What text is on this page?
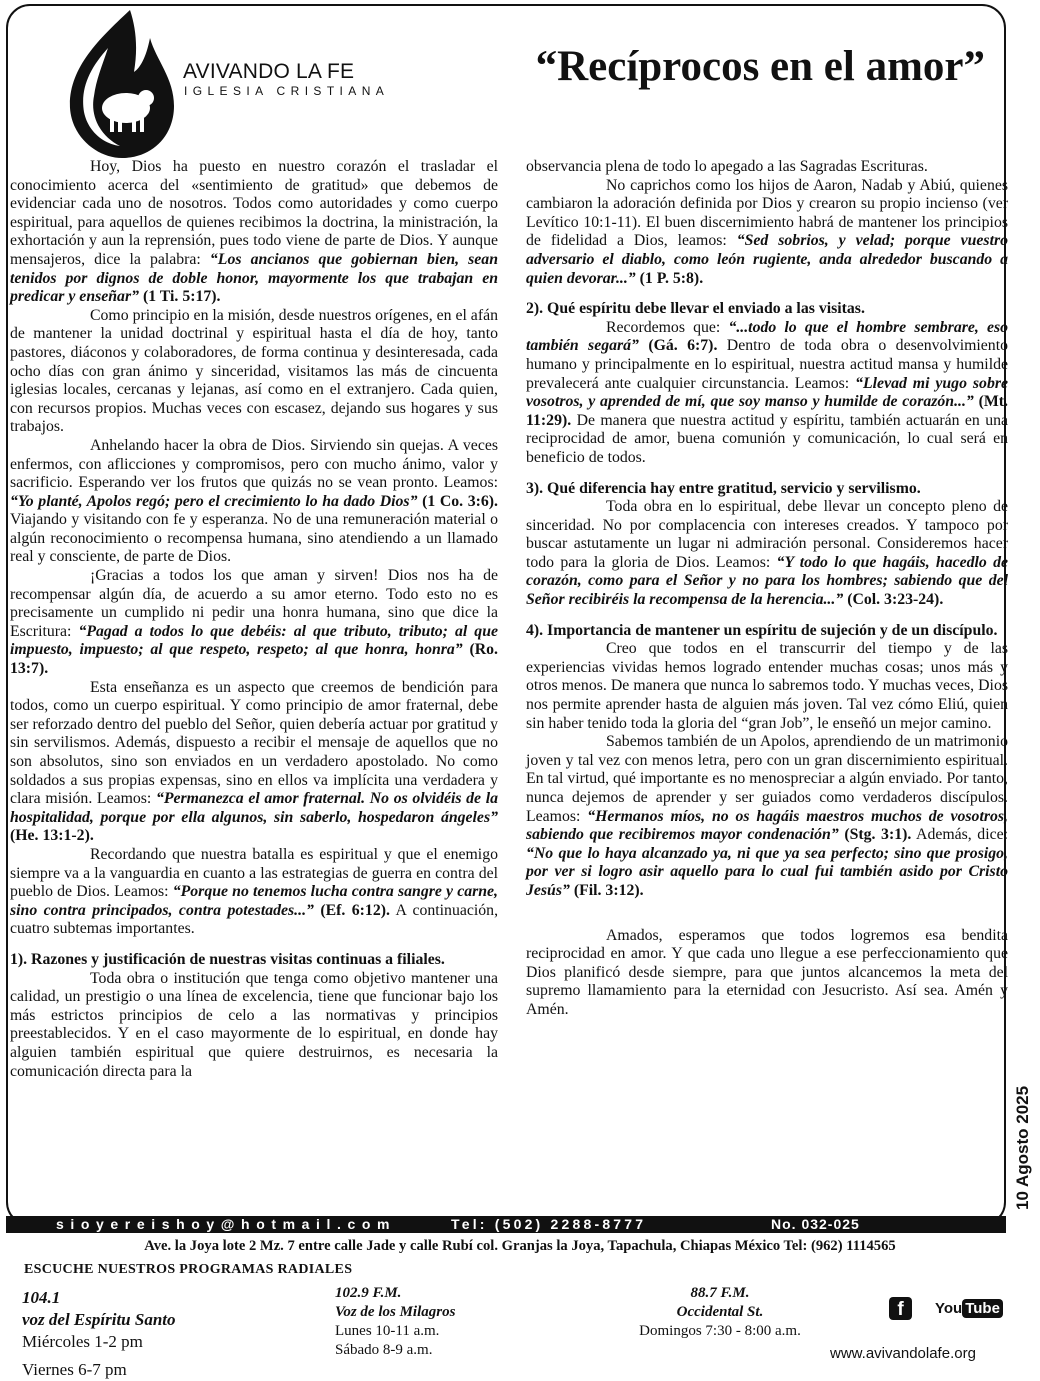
AVIVANDO LA FE
IGLESIA CRISTIANA
“Recíprocos en el amor”

Hoy, Dios ha puesto en nuestro corazón el trasladar el conocimiento acerca del «sentimiento de gratitud» que debemos de evidenciar cada uno de nosotros. Todos como autoridades y como cuerpo espiritual, para aquellos de quienes recibimos la doctrina, la ministración, la exhortación y aun la reprensión, pues todo viene de parte de Dios. Y aunque mensajeros, dice la palabra: “Los ancianos que gobiernan bien, sean tenidos por dignos de doble honor, mayormente los que trabajan en predicar y enseñar” (1 Ti. 5:17).

Como principio en la misión, desde nuestros orígenes, en el afán de mantener la unidad doctrinal y espiritual hasta el día de hoy, tanto pastores, diáconos y colaboradores, de forma continua y desinteresada, cada ocho días con gran ánimo y sinceridad, visitamos las más de cincuenta iglesias locales, cercanas y lejanas, así como en el extranjero. Cada quien, con recursos propios. Muchas veces con escasez, dejando sus hogares y sus trabajos.

Anhelando hacer la obra de Dios. Sirviendo sin quejas. A veces enfermos, con aflicciones y compromisos, pero con mucho ánimo, valor y sacrificio. Esperando ver los frutos que quizás no se vean pronto. Leamos: “Yo planté, Apolos regó; pero el crecimiento lo ha dado Dios” (1 Co. 3:6). Viajando y visitando con fe y esperanza. No de una remuneración material o algún reconocimiento o recompensa humana, sino atendiendo a un llamado real y consciente, de parte de Dios.

¡Gracias a todos los que aman y sirven! Dios nos ha de recompensar algún día, de acuerdo a su amor eterno. Todo esto no es precisamente un cumplido ni pedir una honra humana, sino que dice la Escritura: “Pagad a todos lo que debéis: al que tributo, tributo; al que impuesto, impuesto; al que respeto, respeto; al que honra, honra” (Ro. 13:7).

Esta enseñanza es un aspecto que creemos de bendición para todos, como un cuerpo espiritual. Y como principio de amor fraternal, debe ser reforzado dentro del pueblo del Señor, quien debería actuar por gratitud y sin servilismos. Además, dispuesto a recibir el mensaje de aquellos que no son absolutos, sino son enviados en un verdadero apostolado. No como soldados a sus propias expensas, sino en ellos va implícita una verdadera y clara misión. Leamos: “Permanezca el amor fraternal. No os olvidéis de la hospitalidad, porque por ella algunos, sin saberlo, hospedaron ángeles” (He. 13:1-2).

Recordando que nuestra batalla es espiritual y que el enemigo siempre va a la vanguardia en cuanto a las estrategias de guerra en contra del pueblo de Dios. Leamos: “Porque no tenemos lucha contra sangre y carne, sino contra principados, contra potestades...” (Ef. 6:12). A continuación, cuatro subtemas importantes.

1). Razones y justificación de nuestras visitas continuas a filiales.

Toda obra o institución que tenga como objetivo mantener una calidad, un prestigio o una línea de excelencia, tiene que funcionar bajo los más estrictos principios de celo a las normativas y principios preestablecidos. Y en el caso mayormente de lo espiritual, en donde hay alguien también espiritual que quiere destruirnos, es necesaria la comunicación directa para la

observancia plena de todo lo apegado a las Sagradas Escrituras.

No caprichos como los hijos de Aaron, Nadab y Abiú, quienes cambiaron la adoración definida por Dios y crearon su propio incienso (ver Levítico 10:1-11). El buen discernimiento habrá de mantener los principios de fidelidad a Dios, leamos: “Sed sobrios, y velad; porque vuestro adversario el diablo, como león rugiente, anda alrededor buscando a quien devorar...” (1 P. 5:8).

2). Qué espíritu debe llevar el enviado a las visitas.

Recordemos que: “...todo lo que el hombre sembrare, eso también segará” (Gá. 6:7). Dentro de toda obra o desenvolvimiento humano y principalmente en lo espiritual, nuestra actitud mansa y humilde prevalecerá ante cualquier circunstancia. Leamos: “Llevad mi yugo sobre vosotros, y aprended de mí, que soy manso y humilde de corazón...” (Mt. 11:29). De manera que nuestra actitud y espíritu, también actuarán en una reciprocidad de amor, buena comunión y comunicación, lo cual será en beneficio de todos.

3). Qué diferencia hay entre gratitud, servicio y servilismo.

Toda obra en lo espiritual, debe llevar un concepto pleno de sinceridad. No por complacencia con intereses creados. Y tampoco por buscar astutamente un lugar ni admiración personal. Consideremos hacer todo para la gloria de Dios. Leamos: “Y todo lo que hagáis, hacedlo de corazón, como para el Señor y no para los hombres; sabiendo que del Señor recibiréis la recompensa de la herencia...” (Col. 3:23-24).

4). Importancia de mantener un espíritu de sujeción y de un discípulo.

Creo que todos en el transcurrir del tiempo y de las experiencias vividas hemos logrado entender muchas cosas; unos más y otros menos. De manera que nunca lo sabremos todo. Y muchas veces, Dios nos permite aprender hasta de alguien más joven. Tal vez cómo Eliú, quien sin haber tenido toda la gloria del “gran Job”, le enseñó un mejor camino.

Sabemos también de un Apolos, aprendiendo de un matrimonio joven y tal vez con menos letra, pero con un gran discernimiento espiritual. En tal virtud, qué importante es no menospreciar a algún enviado. Por tanto, nunca dejemos de aprender y ser guiados como verdaderos discípulos. Leamos: “Hermanos míos, no os hagáis maestros muchos de vosotros, sabiendo que recibiremos mayor condenación” (Stg. 3:1). Además, dice: “No que lo haya alcanzado ya, ni que ya sea perfecto; sino que prosigo, por ver si logro asir aquello para lo cual fui también asido por Cristo Jesús” (Fil. 3:12).

Amados, esperamos que todos logremos esa bendita reciprocidad en amor. Y que cada uno llegue a ese perfeccionamiento que Dios planificó desde siempre, para que juntos alcancemos la meta del supremo llamamiento para la eternidad con Jesucristo. Así sea. Amén y Amén.

10 Agosto 2025
sioyereishoy@hotmail.com	Tel: (502) 2288-8777	No. 032-025
Ave. la Joya lote 2 Mz. 7 entre calle Jade y calle Rubí col. Granjas la Joya, Tapachula, Chiapas México Tel: (962) 1114565
ESCUCHE NUESTROS PROGRAMAS RADIALES
104.1
voz del Espíritu Santo
Miércoles 1-2 pm
Viernes 6-7 pm
102.9 F.M.
Voz de los Milagros
Lunes 10-11 a.m.
Sábado 8-9 a.m.
88.7 F.M.
Occidental St.
Domingos 7:30 - 8:00 a.m.
f You Tube
www.avivandolafe.org
